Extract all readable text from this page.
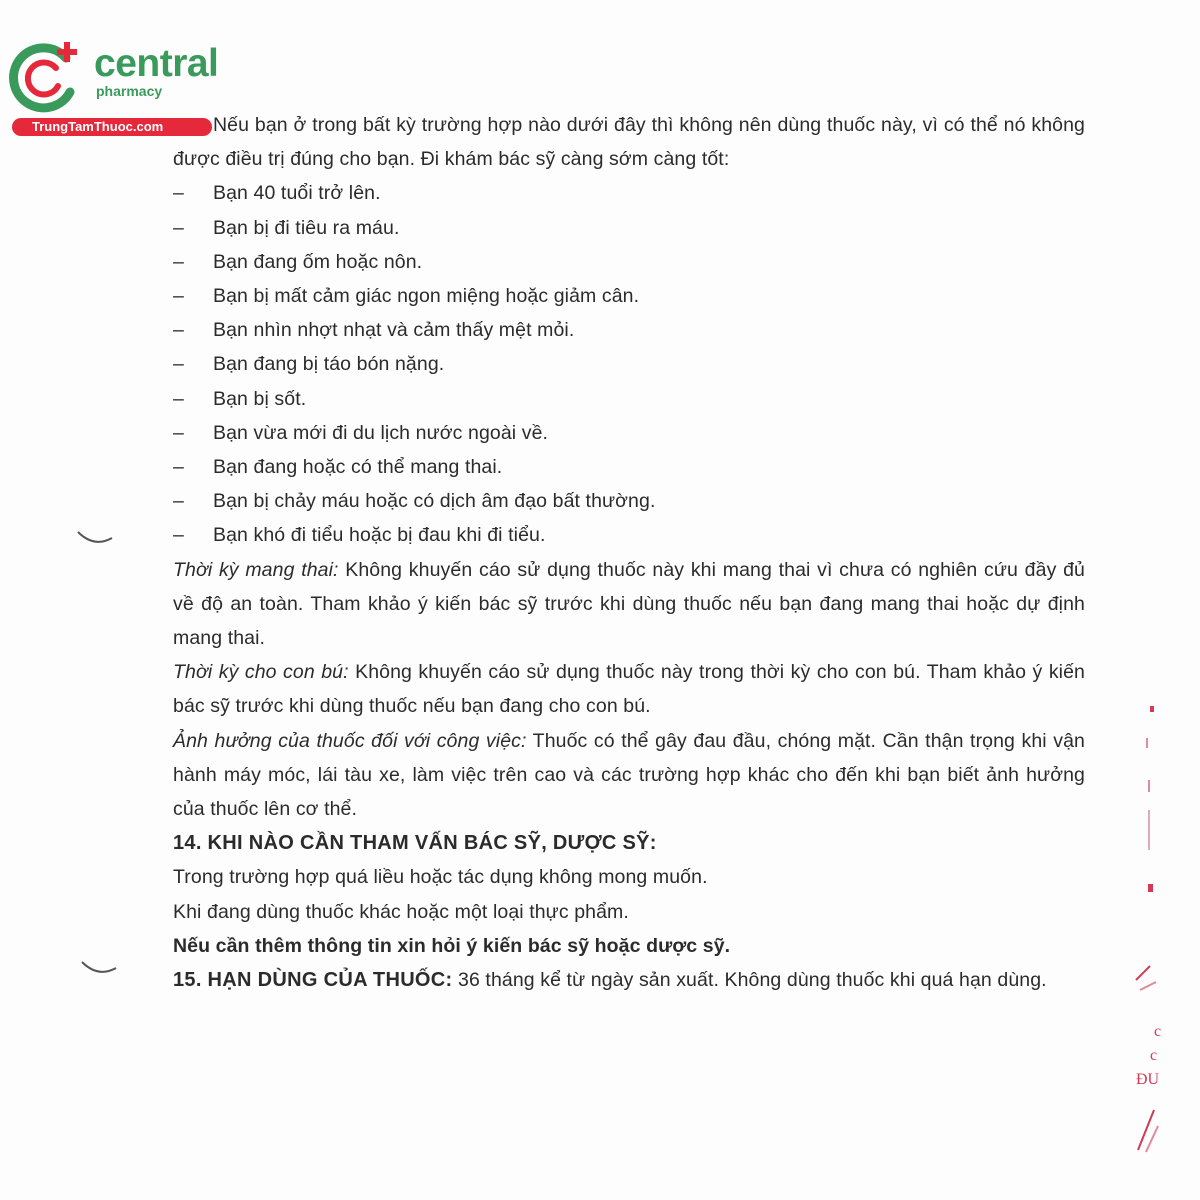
central
pharmacy
TrungTamThuoc.com
c
c
ĐU

Nếu bạn ở trong bất kỳ trường hợp nào dưới đây thì không nên dùng thuốc này, vì có thể nó không được điều trị đúng cho bạn. Đi khám bác sỹ càng sớm càng tốt:

– Bạn 40 tuổi trở lên.
– Bạn bị đi tiêu ra máu.
– Bạn đang ốm hoặc nôn.
– Bạn bị mất cảm giác ngon miệng hoặc giảm cân.
– Bạn nhìn nhợt nhạt và cảm thấy mệt mỏi.
– Bạn đang bị táo bón nặng.
– Bạn bị sốt.
– Bạn vừa mới đi du lịch nước ngoài về.
– Bạn đang hoặc có thể mang thai.
– Bạn bị chảy máu hoặc có dịch âm đạo bất thường.
– Bạn khó đi tiểu hoặc bị đau khi đi tiểu.

Thời kỳ mang thai: Không khuyến cáo sử dụng thuốc này khi mang thai vì chưa có nghiên cứu đầy đủ về độ an toàn. Tham khảo ý kiến bác sỹ trước khi dùng thuốc nếu bạn đang mang thai hoặc dự định mang thai.

Thời kỳ cho con bú: Không khuyến cáo sử dụng thuốc này trong thời kỳ cho con bú. Tham khảo ý kiến bác sỹ trước khi dùng thuốc nếu bạn đang cho con bú.

Ảnh hưởng của thuốc đối với công việc: Thuốc có thể gây đau đầu, chóng mặt. Cần thận trọng khi vận hành máy móc, lái tàu xe, làm việc trên cao và các trường hợp khác cho đến khi bạn biết ảnh hưởng của thuốc lên cơ thể.

14. KHI NÀO CẦN THAM VẤN BÁC SỸ, DƯỢC SỸ:

Trong trường hợp quá liều hoặc tác dụng không mong muốn.

Khi đang dùng thuốc khác hoặc một loại thực phẩm.

Nếu cần thêm thông tin xin hỏi ý kiến bác sỹ hoặc dược sỹ.

15. HẠN DÙNG CỦA THUỐC: 36 tháng kể từ ngày sản xuất. Không dùng thuốc khi quá hạn dùng.
